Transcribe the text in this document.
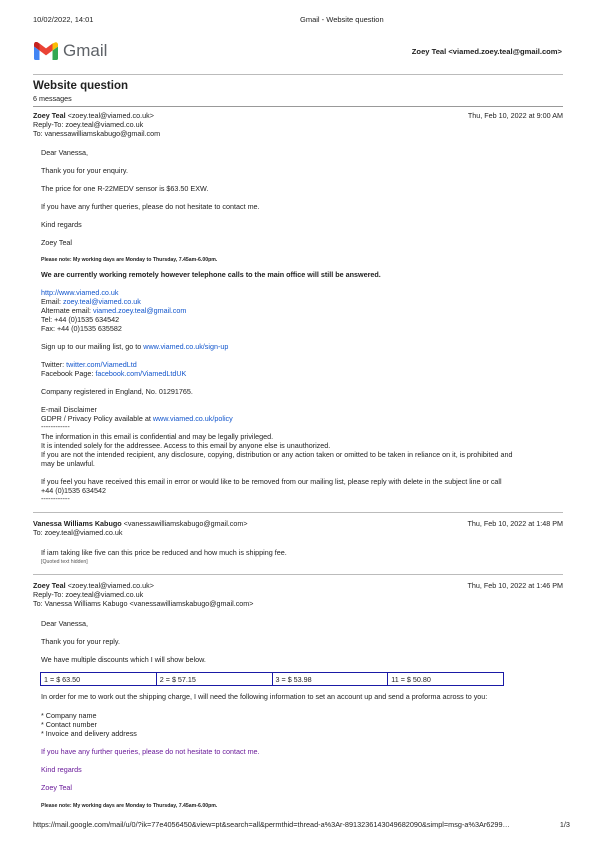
10/02/2022, 14:01	Gmail - Website question
Gmail	Zoey Teal <viamed.zoey.teal@gmail.com>
Website question
6 messages
Zoey Teal <zoey.teal@viamed.co.uk>	Thu, Feb 10, 2022 at 9:00 AM
Reply-To: zoey.teal@viamed.co.uk
To: vanessawilliamskabugo@gmail.com
Dear Vanessa,
Thank you for your enquiry.
The price for one R-22MEDV sensor is $63.50 EXW.
If you have any further queries, please do not hesitate to contact me.
Kind regards
Zoey Teal
Please note: My working days are Monday to Thursday, 7.45am-6.00pm.
We are currently working remotely however telephone calls to the main office will still be answered.
http://www.viamed.co.uk
Email: zoey.teal@viamed.co.uk
Alternate email: viamed.zoey.teal@gmail.com
Tel: +44 (0)1535 634542
Fax: +44 (0)1535 635582
Sign up to our mailing list, go to www.viamed.co.uk/sign-up
Twitter: twitter.com/ViamedLtd
Facebook Page: facebook.com/ViamedLtdUK
Company registered in England, No. 01291765.
E-mail Disclaimer
GDPR / Privacy Policy available at www.viamed.co.uk/policy
------------
The information in this email is confidential and may be legally privileged.
It is intended solely for the addressee. Access to this email by anyone else is unauthorized.
If you are not the intended recipient, any disclosure, copying, distribution or any action taken or omitted to be taken in reliance on it, is prohibited and
may be unlawful.
If you feel you have received this email in error or would like to be removed from our mailing list, please reply with delete in the subject line or call
+44 (0)1535 634542
------------
Vanessa Williams Kabugo <vanessawilliamskabugo@gmail.com>	Thu, Feb 10, 2022 at 1:48 PM
To: zoey.teal@viamed.co.uk
If iam taking like five can this price be reduced and how much is shipping fee.
[Quoted text hidden]
Zoey Teal <zoey.teal@viamed.co.uk>	Thu, Feb 10, 2022 at 1:46 PM
Reply-To: zoey.teal@viamed.co.uk
To: Vanessa Williams Kabugo <vanessawilliamskabugo@gmail.com>
Dear Vanessa,
Thank you for your reply.
We have multiple discounts which I will show below.
1 = $ 63.50	2 = $ 57.15	3 = $ 53.98	11 = $ 50.80
In order for me to work out the shipping charge, I will need the following information to set an account up and send a proforma across to you:
* Company name
* Contact number
* Invoice and delivery address
If you have any further queries, please do not hesitate to contact me.
Kind regards
Zoey Teal
Please note: My working days are Monday to Thursday, 7.45am-6.00pm.
https://mail.google.com/mail/u/0/?ik=77e4056450&view=pt&search=all&permthid=thread-a%3Ar-8913236143049682090&simpl=msg-a%3Ar6299…	1/3
